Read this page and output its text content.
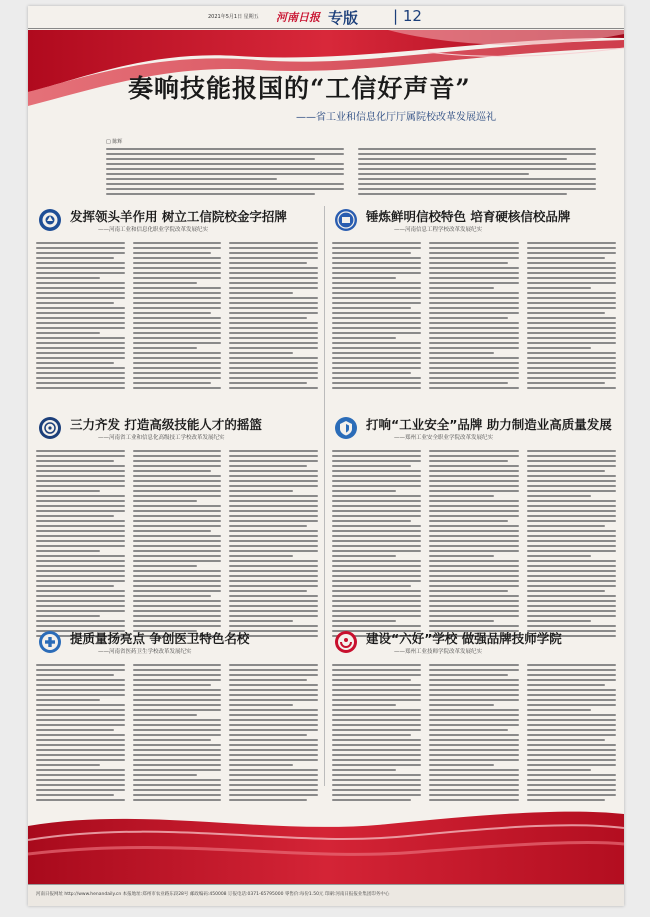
2021年5月1日 星期五 河南日报 专版 | 12
奏响技能报国的“工信好声音”
——省工业和信息化厅厅属院校改革发展巡礼
□ 陈辉
发挥领头羊作用 树立工信院校金字招牌
——河南工业和信息化职业学院改革发展纪实
锤炼鲜明信校特色 培育硬核信校品牌
——河南信息工程学校改革发展纪实
三力齐发 打造高级技能人才的摇篮
——河南省工业和信息化高级技工学校改革发展纪实
打响“工业安全”品牌 助力制造业高质量发展
——郑州工业安全职业学院改革发展纪实
提质量扬亮点 争创医卫特色名校
——河南省医药卫生学校改革发展纪实
建设“六好”学校 做强品牌技师学院
——郑州工业技师学院改革发展纪实
河南日报网址 http://www.henandaily.cn 本报地址:郑州市农业路东段28号 邮政编码:450008 订报电话:0371-65795000 零售价:每份1.50元 印刷:河南日报报业集团印务中心
